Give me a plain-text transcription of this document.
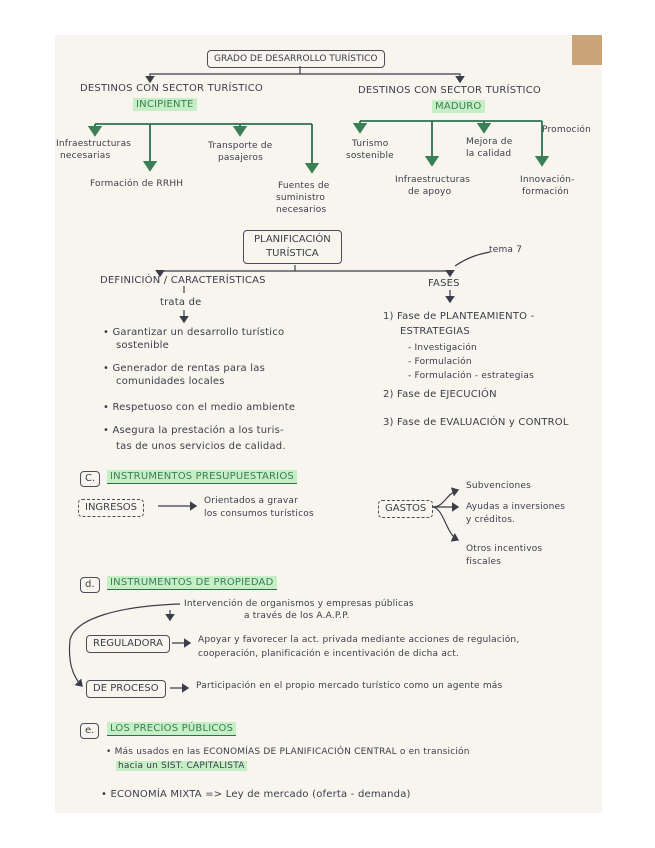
GRADO DE DESARROLLO TURÍSTICO
DESTINOS CON SECTOR TURÍSTICO
INCIPIENTE
Infraestructuras
necesarias
Transporte de
pasajeros
Formación de RRHH	Fuentes de
suministro
necesarios
DESTINOS CON SECTOR TURÍSTICO
MADURO
Turismo
sostenible
Mejora de
la calidad
Promoción
Infraestructuras
de apoyo
Innovación-
formación
PLANIFICACIÓN
TURÍSTICA	tema 7
DEFINICIÓN / CARACTERÍSTICAS
trata de
• Garantizar un desarrollo turístico
sostenible
• Generador de rentas para las
comunidades locales
• Respetuoso con el medio ambiente
• Asegura la prestación a los turis-
tas de unos servicios de calidad.
FASES
1) Fase de PLANTEAMIENTO -
ESTRATEGIAS
- Investigación
- Formulación
- Formulación - estrategias
2) Fase de EJECUCIÓN
3) Fase de EVALUACIÓN y CONTROL
C.	INSTRUMENTOS PRESUPUESTARIOS
INGRESOS
Orientados a gravar
los consumos turísticos	GASTOS
Subvenciones
Ayudas a inversiones
y créditos.
Otros incentivos
fiscales
d.	INSTRUMENTOS DE PROPIEDAD
Intervención de organismos y empresas públicas
a través de los A.A.P.P.
REGULADORA	Apoyar y favorecer la act. privada mediante acciones de regulación,
cooperación, planificación e incentivación de dicha act.
DE PROCESO	Participación en el propio mercado turístico como un agente más
e.	LOS PRECIOS PÚBLICOS
• Más usados en las ECONOMÍAS DE PLANIFICACIÓN CENTRAL o en transición
hacia un SIST. CAPITALISTA
• ECONOMÍA MIXTA => Ley de mercado (oferta - demanda)
